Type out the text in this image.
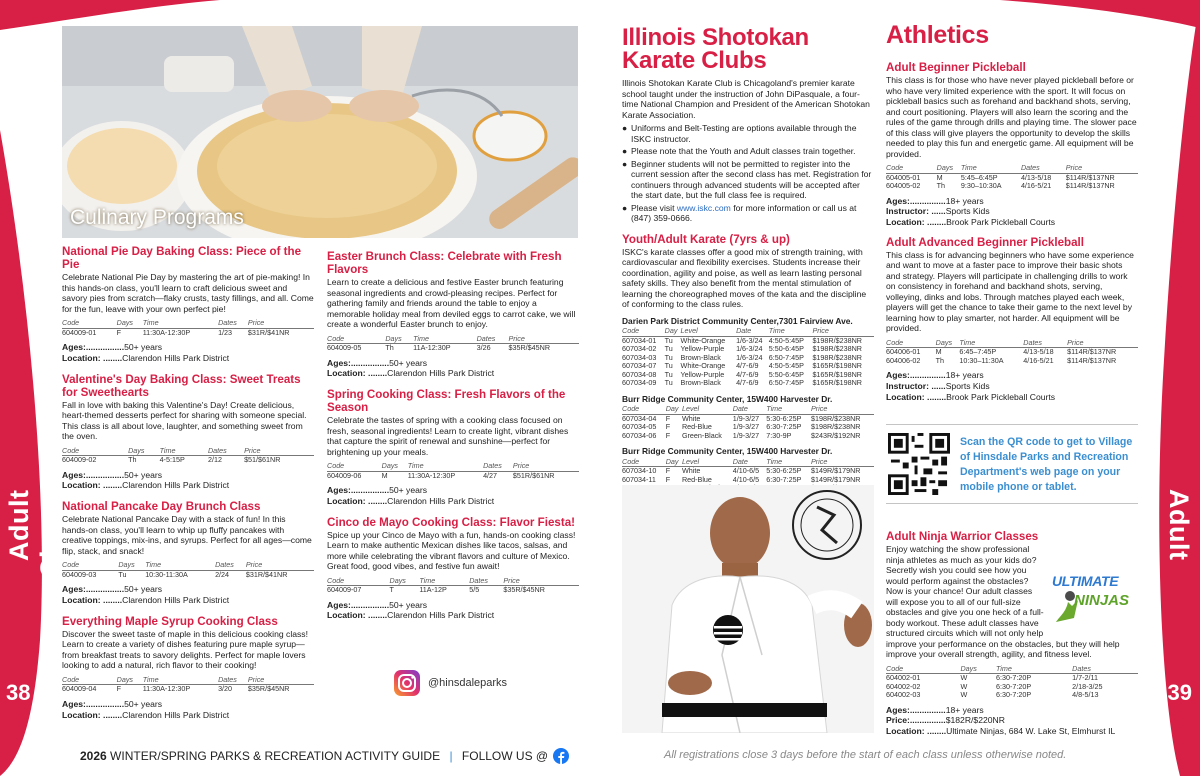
Adult Classes
38
Adult Classes
39
Culinary Programs
National Pie Day Baking Class: Piece of the Pie
Celebrate National Pie Day by mastering the art of pie-making! In this hands-on class, you'll learn to craft delicious sweet and savory pies from scratch—flaky crusts, tasty fillings, and all. Come for the fun, leave with your own perfect pie!
Code	Days	Time	Dates	Price
604009-01	F	11:30A-12:30P	1/23	$31R/$41NR
Ages:................50+ years
Location: ........Clarendon Hills Park District
Valentine's Day Baking Class: Sweet Treats for Sweethearts
Fall in love with baking this Valentine's Day! Create delicious, heart-themed desserts perfect for sharing with someone special. This class is all about love, laughter, and something sweet from the oven.
Code	Days	Time	Dates	Price
604009-02	Th	4-5:15P	2/12	$51/$61NR
Ages:................50+ years
Location: ........Clarendon Hills Park District
National Pancake Day Brunch Class
Celebrate National Pancake Day with a stack of fun! In this hands-on class, you'll learn to whip up fluffy pancakes with creative toppings, mix-ins, and syrups. Perfect for all ages—come flip, stack, and snack!
Code	Days	Time	Dates	Price
604009-03	Tu	10:30-11:30A	2/24	$31R/$41NR
Ages:................50+ years
Location: ........Clarendon Hills Park District
Everything Maple Syrup Cooking Class
Discover the sweet taste of maple in this delicious cooking class! Learn to create a variety of dishes featuring pure maple syrup—from breakfast treats to savory delights. Perfect for maple lovers looking to add a natural, rich flavor to their cooking!
Code	Days	Time	Dates	Price
604009-04	F	11:30A-12:30P	3/20	$35R/$45NR
Ages:................50+ years
Location: ........Clarendon Hills Park District
Easter Brunch Class: Celebrate with Fresh Flavors
Learn to create a delicious and festive Easter brunch featuring seasonal ingredients and crowd-pleasing recipes. Perfect for gathering family and friends around the table to enjoy a memorable holiday meal from deviled eggs to carrot cake, we will create a wonderful Easter brunch to enjoy.
Code	Days	Time	Dates	Price
604009-05	Th	11A-12:30P	3/26	$35R/$45NR
Ages:................50+ years
Location: ........Clarendon Hills Park District
Spring Cooking Class: Fresh Flavors of the Season
Celebrate the tastes of spring with a cooking class focused on fresh, seasonal ingredients! Learn to create light, vibrant dishes that capture the spirit of renewal and sunshine—perfect for brightening up your meals.
Code	Days	Time	Dates	Price
604009-06	M	11:30A-12:30P	4/27	$51R/$61NR
Ages:................50+ years
Location: ........Clarendon Hills Park District
Cinco de Mayo Cooking Class: Flavor Fiesta!
Spice up your Cinco de Mayo with a fun, hands-on cooking class! Learn to make authentic Mexican dishes like tacos, salsas, and more while celebrating the vibrant flavors and culture of Mexico. Great food, good vibes, and festive fun await!
Code	Days	Time	Dates	Price
604009-07	T	11A-12P	5/5	$35R/$45NR
Ages:................50+ years
Location: ........Clarendon Hills Park District
@hinsdaleparks
Illinois Shotokan
Karate Clubs
Illinois Shotokan Karate Club is Chicagoland's premier karate school taught under the instruction of John DiPasquale, a four-time National Champion and President of the American Shotokan Karate Association.
● Uniforms and Belt-Testing are options available through the ISKC instructor.
● Please note that the Youth and Adult classes train together.
● Beginner students will not be permitted to register into the current session after the second class has met. Registration for continuers through advanced students will be accepted after the start date, but the full class fee is required.
● Please visit www.iskc.com for more information or call us at (847) 359-0666.
Youth/Adult Karate (7yrs & up)
ISKC's karate classes offer a good mix of strength training, with cardiovascular and flexibility exercises. Students increase their coordination, agility and poise, as well as learn lasting personal safety skills. They also benefit from the mental stimulation of learning the choreographed moves of the kata and the discipline of conforming to the class rules.
Darien Park District Community Center,7301 Fairview Ave.
Code	Day	Level	Date	Time	Price
607034-01	Tu	White-Orange	1/6-3/24	4:50-5:45P	$198R/$238NR
607034-02	Tu	Yellow-Purple	1/6-3/24	5:50-6:45P	$198R/$238NR
607034-03	Tu	Brown-Black	1/6-3/24	6:50-7:45P	$198R/$238NR
607034-07	Tu	White-Orange	4/7-6/9	4:50-5:45P	$165R/$198NR
607034-08	Tu	Yellow-Purple	4/7-6/9	5:50-6:45P	$165R/$198NR
607034-09	Tu	Brown-Black	4/7-6/9	6:50-7:45P	$165R/$198NR
Burr Ridge Community Center, 15W400 Harvester Dr.
Code	Day	Level	Date	Time	Price
607034-04	F	White	1/9-3/27	5:30-6:25P	$198R/$238NR
607034-05	F	Red-Blue	1/9-3/27	6:30-7:25P	$198R/$238NR
607034-06	F	Green-Black	1/9-3/27	7:30-9P	$243R/$192NR
Burr Ridge Community Center, 15W400 Harvester Dr.
Code	Day	Level	Date	Time	Price
607034-10	F	White	4/10-6/5	5:30-6:25P	$149R/$179NR
607034-11	F	Red-Blue	4/10-6/5	6:30-7:25P	$149R/$179NR

Athletics
Adult Beginner Pickleball
This class is for those who have never played pickleball before or who have very limited experience with the sport. It will focus on pickleball basics such as forehand and backhand shots, serving, and court positioning. Players will also learn the scoring and the rules of the game through drills and playing time. The slower pace of this class will give players the opportunity to develop the skills needed to play this fun and energetic game. All equipment will be provided.
Code	Days	Time	Dates	Price
604005-01	M	5:45–6:45P	4/13-5/18	$114R/$137NR
604005-02	Th	9:30–10:30A	4/16-5/21	$114R/$137NR
Ages:...............18+ years
Instructor: ......Sports Kids
Location: ........Brook Park Pickleball Courts
Adult Advanced Beginner Pickleball
This class is for advancing beginners who have some experience and want to move at a faster pace to improve their basic shots and strategy. Players will participate in challenging drills to work on consistency in forehand and backhand shots, serving, volleying, dinks and lobs. Through matches played each week, players will get the chance to take their game to the next level by learning how to play smarter, not harder. All equipment will be provided.
Code	Days	Time	Dates	Price
604006-01	M	6:45–7:45P	4/13-5/18	$114R/$137NR
604006-02	Th	10:30–11:30A	4/16-5/21	$114R/$137NR
Ages:...............18+ years
Instructor: ......Sports Kids
Location: ........Brook Park Pickleball Courts
Scan the QR code to get to Village of Hinsdale Parks and Recreation Department's web page on your mobile phone or tablet.
Adult Ninja Warrior Classes
ULTIMATE
NINJAS
Enjoy watching the show professional ninja athletes as much as your kids do? Secretly wish you could see how you would perform against the obstacles? Now is your chance! Our adult classes will expose you to all of our full-size obstacles and give you one heck of a full-body workout. These adult classes have structured circuits which will not only help improve your performance on the obstacles, but they will help improve your overall strength, agility, and fitness level.
Code	Days	Time	Dates	
604002-01	W	6:30-7:20P	1/7-2/11	
604002-02	W	6:30-7:20P	2/18-3/25	
604002-03	W	6:30-7:20P	4/8-5/13	
Ages:...............18+ years
Price:...............$182R/$220NR
Location: ........Ultimate Ninjas, 684 W. Lake St, Elmhurst IL
2026 WINTER/SPRING PARKS & RECREATION ACTIVITY GUIDE | FOLLOW US @	All registrations close 3 days before the start of each class unless otherwise noted.
